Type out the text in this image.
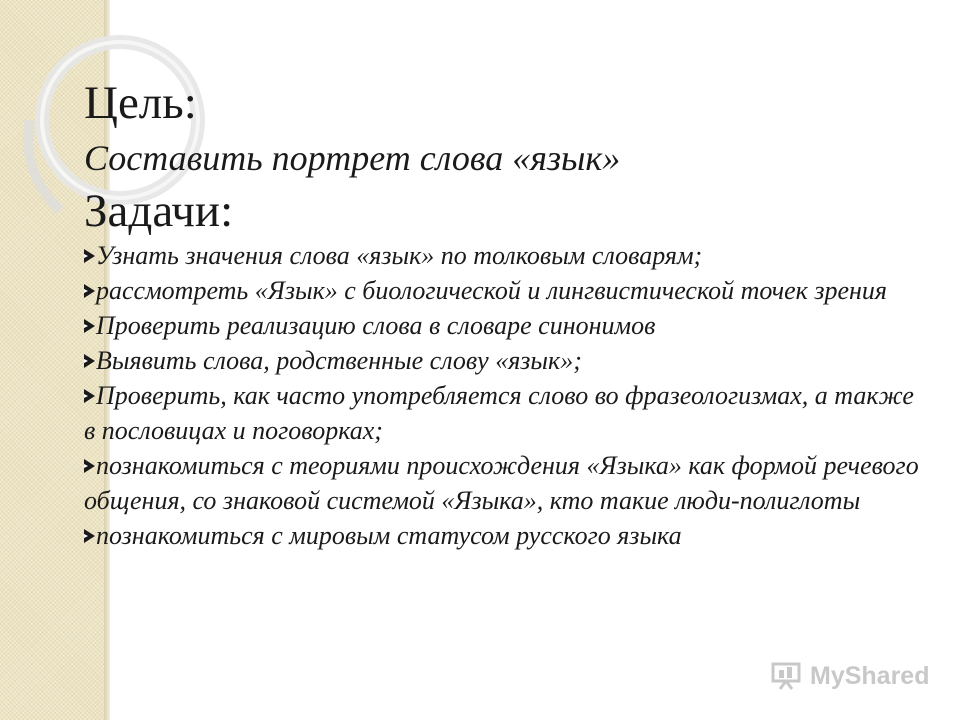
Цель:
Составить портрет слова «язык»
Задачи:
Узнать значения слова «язык» по толковым словарям;
рассмотреть «Язык» с биологической и лингвистической точек зрения
Проверить реализацию слова в словаре синонимов
Выявить слова, родственные слову «язык»;
Проверить, как часто употребляется слово во фразеологизмах, а также в пословицах и поговорках;
познакомиться с теориями происхождения «Языка» как формой речевого общения, со знаковой системой «Языка», кто такие люди-полиглоты
познакомиться с мировым статусом русского языка
MyShared
